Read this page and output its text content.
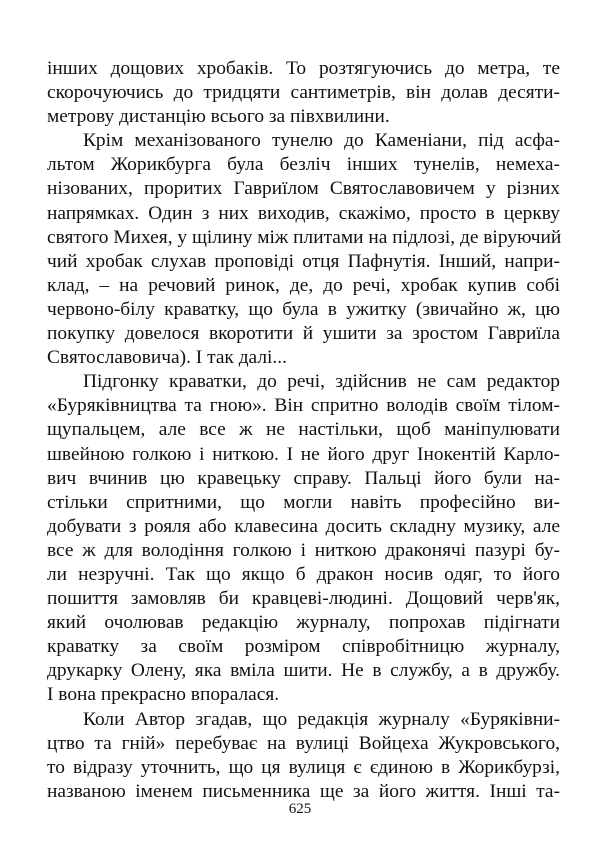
інших дощових хробаків. То розтягуючись до метра, те
скорочуючись до тридцяти сантиметрів, він долав десяти-
метрову дистанцію всього за півхвилини.
Крім механізованого тунелю до Каменіани, під асфа-
льтом Жорикбурга була безліч інших тунелів, немеха-
нізованих, проритих Гавриїлом Святославовичем у різних
напрямках. Один з них виходив, скажімо, просто в церкву
святого Михея, у щілину між плитами на підлозі, де віруючий
чий хробак слухав проповіді отця Пафнутія. Інший, напри-
клад, – на речовий ринок, де, до речі, хробак купив собі
червоно-білу краватку, що була в ужитку (звичайно ж, цю
покупку довелося вкоротити й ушити за зростом Гавриїла
Святославовича). І так далі...
Підгонку краватки, до речі, здійснив не сам редактор
«Буряківництва та гною». Він спритно володів своїм тілом-
щупальцем, але все ж не настільки, щоб маніпулювати
швейною голкою і ниткою. І не його друг Інокентій Карло-
вич вчинив цю кравецьку справу. Пальці його були на-
стільки спритними, що могли навіть професійно ви-
добувати з рояля або клавесина досить складну музику, але
все ж для володіння голкою і ниткою драконячі пазурі бу-
ли незручні. Так що якщо б дракон носив одяг, то його
пошиття замовляв би кравцеві-людині. Дощовий черв'як,
який очолював редакцію журналу, попрохав підігнати
краватку за своїм розміром співробітницю журналу,
друкарку Олену, яка вміла шити. Не в службу, а в дружбу.
І вона прекрасно впоралася.
Коли Автор згадав, що редакція журналу «Буряківни-
цтво та гній» перебуває на вулиці Войцеха Жукровського,
то відразу уточнить, що ця вулиця є єдиною в Жорикбурзі,
названою іменем письменника ще за його життя. Інші та-
625
